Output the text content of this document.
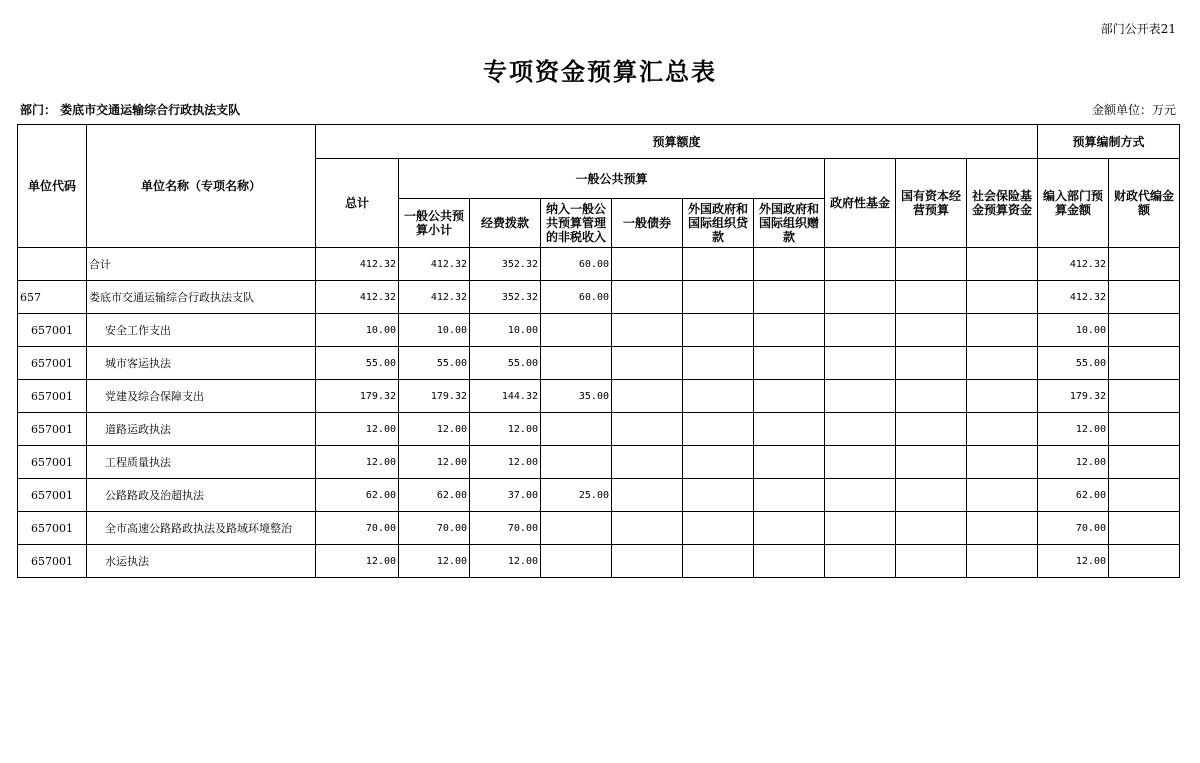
部门公开表21
专项资金预算汇总表
部门： 娄底市交通运输综合行政执法支队	金额单位：万元
单位代码	单位名称（专项名称）	预算额度										预算编制方式	
		总计	一般公共预算						政府性基金	国有资本经营预算	社会保险基金预算资金	编入部门预算金额	财政代编金额
			一般公共预算小计	经费拨款	纳入一般公共预算管理的非税收入	一般债券	外国政府和国际组织贷款	外国政府和国际组织赠款					
	合计	412.32	412.32	352.32	60.00							412.32	
657	娄底市交通运输综合行政执法支队	412.32	412.32	352.32	60.00							412.32	
657001	安全工作支出	10.00	10.00	10.00								10.00	
657001	城市客运执法	55.00	55.00	55.00								55.00	
657001	党建及综合保障支出	179.32	179.32	144.32	35.00							179.32	
657001	道路运政执法	12.00	12.00	12.00								12.00	
657001	工程质量执法	12.00	12.00	12.00								12.00	
657001	公路路政及治超执法	62.00	62.00	37.00	25.00							62.00	
657001	全市高速公路路政执法及路域环境整治	70.00	70.00	70.00								70.00	
657001	水运执法	12.00	12.00	12.00								12.00	
